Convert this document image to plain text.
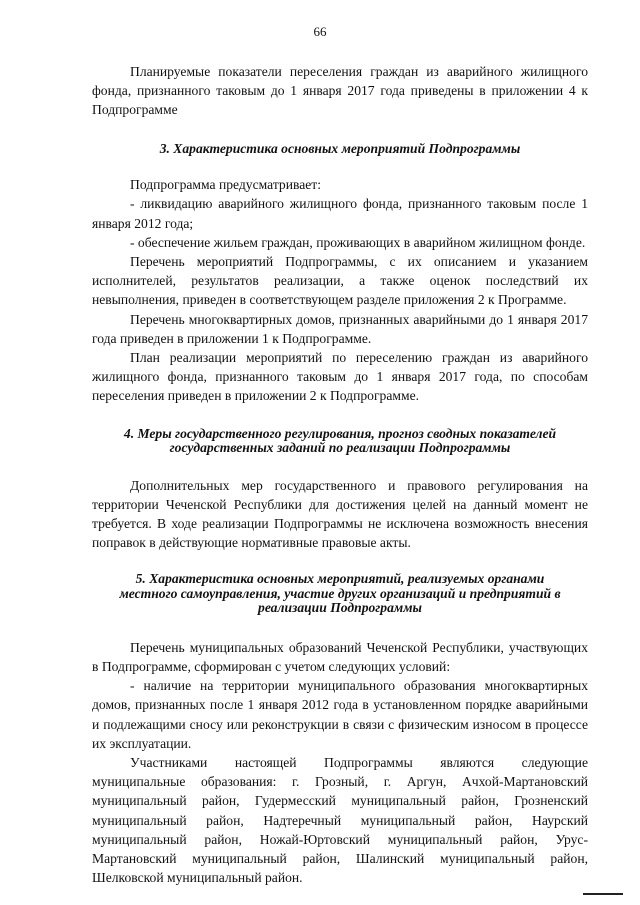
66

Планируемые показатели переселения граждан из аварийного жилищного фонда, признанного таковым до 1 января 2017 года приведены в приложении 4 к Подпрограмме

3. Характеристика основных мероприятий Подпрограммы

Подпрограмма предусматривает:

- ликвидацию аварийного жилищного фонда, признанного таковым после 1 января 2012 года;

- обеспечение жильем граждан, проживающих в аварийном жилищном фонде.

Перечень мероприятий Подпрограммы, с их описанием и указанием исполнителей, результатов реализации, а также оценок последствий их невыполнения, приведен в соответствующем разделе приложения 2 к Программе.

Перечень многоквартирных домов, признанных аварийными до 1 января 2017 года приведен в приложении 1 к Подпрограмме.

План реализации мероприятий по переселению граждан из аварийного жилищного фонда, признанного таковым до 1 января 2017 года, по способам переселения приведен в приложении 2 к Подпрограмме.

4. Меры государственного регулирования, прогноз сводных показателей
государственных заданий по реализации Подпрограммы

Дополнительных мер государственного и правового регулирования на территории Чеченской Республики для достижения целей на данный момент не требуется. В ходе реализации Подпрограммы не исключена возможность внесения поправок в действующие нормативные правовые акты.

5. Характеристика основных мероприятий, реализуемых органами
местного самоуправления, участие других организаций и предприятий в
реализации Подпрограммы

Перечень муниципальных образований Чеченской Республики, участвующих в Подпрограмме, сформирован с учетом следующих условий:

- наличие на территории муниципального образования многоквартирных домов, признанных после 1 января 2012 года в установленном порядке аварийными и подлежащими сносу или реконструкции в связи с физическим износом в процессе их эксплуатации.

Участниками настоящей Подпрограммы являются следующие муниципальные образования: г. Грозный, г. Аргун, Ачхой-Мартановский муниципальный район, Гудермесский муниципальный район, Грозненский муниципальный район, Надтеречный муниципальный район, Наурский муниципальный район, Ножай-Юртовский муниципальный район, Урус-Мартановский муниципальный район, Шалинский муниципальный район, Шелковской муниципальный район.
